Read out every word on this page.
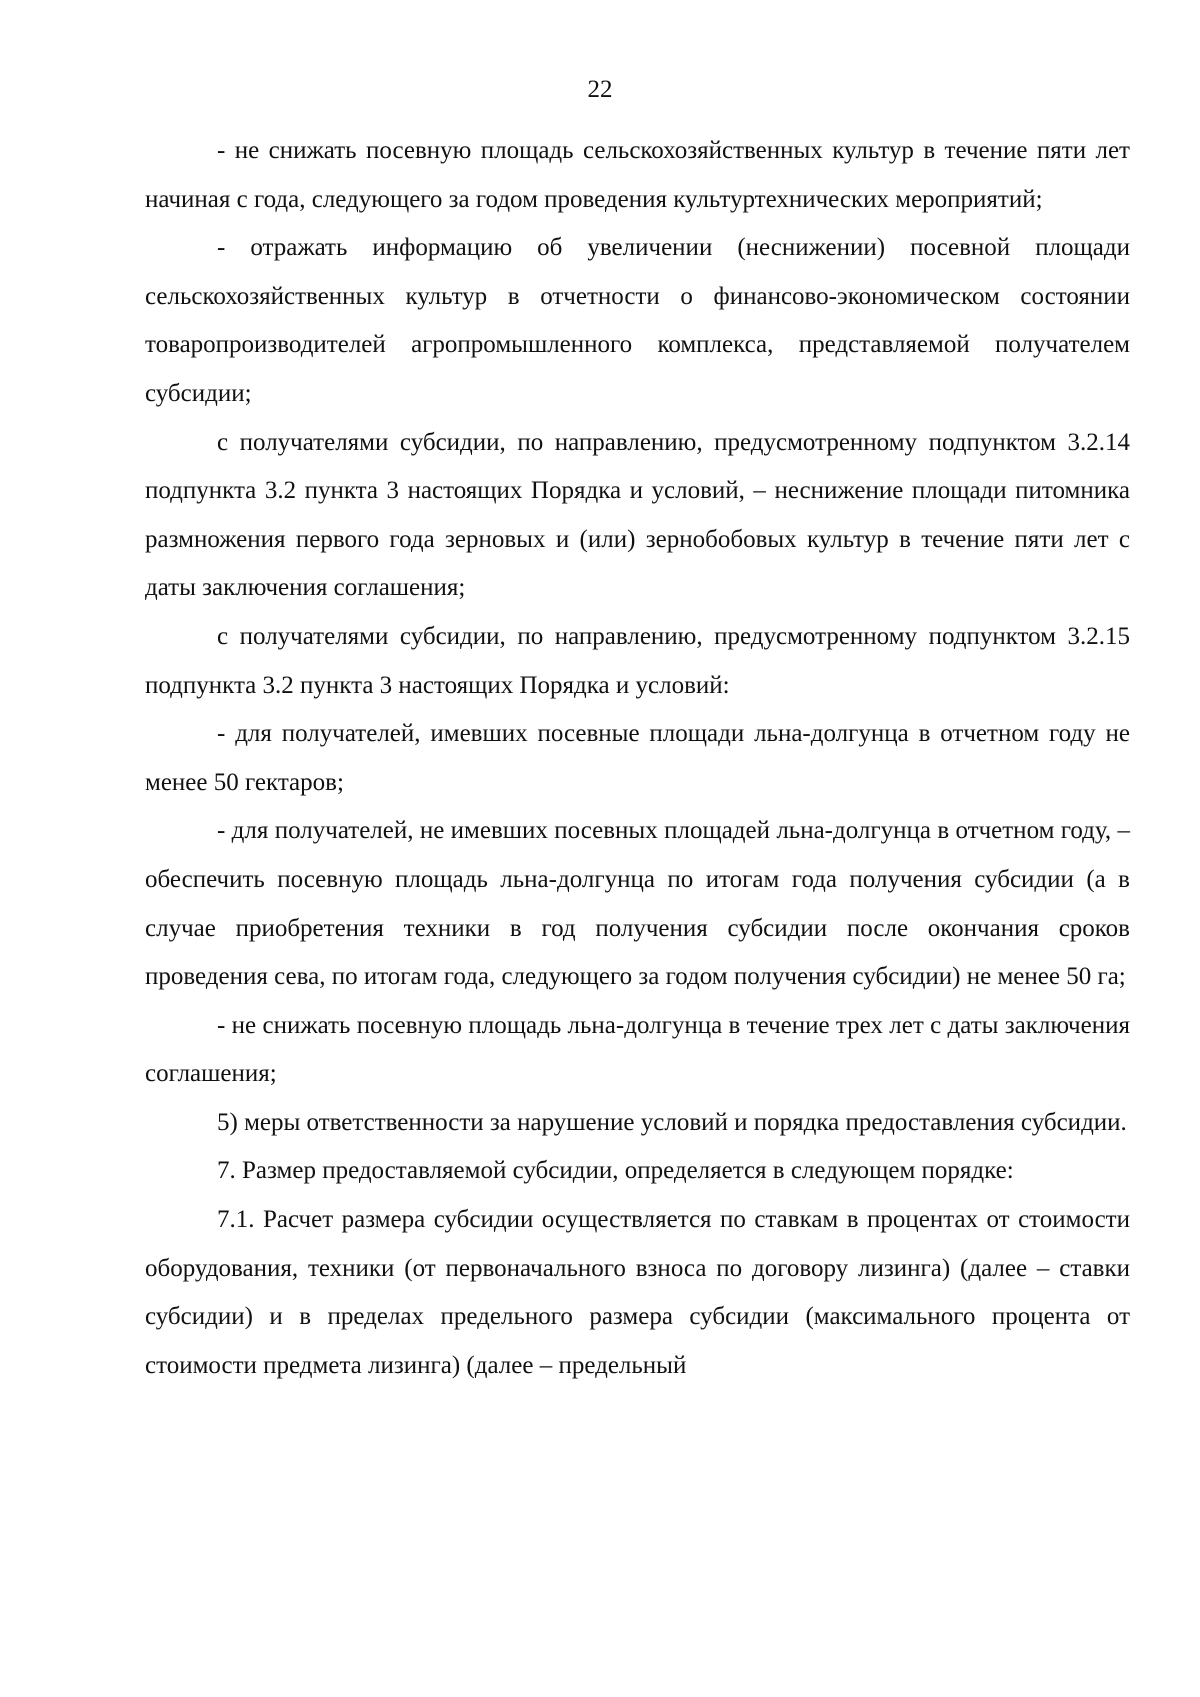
22

- не снижать посевную площадь сельскохозяйственных культур в течение пяти лет начиная с года, следующего за годом проведения культуртехнических мероприятий;

- отражать информацию об увеличении (неснижении) посевной площади сельскохозяйственных культур в отчетности о финансово-экономическом состоянии товаропроизводителей агропромышленного комплекса, представляемой получателем субсидии;

с получателями субсидии, по направлению, предусмотренному подпунктом 3.2.14 подпункта 3.2 пункта 3 настоящих Порядка и условий, – неснижение площади питомника размножения первого года зерновых и (или) зернобобовых культур в течение пяти лет с даты заключения соглашения;

с получателями субсидии, по направлению, предусмотренному подпунктом 3.2.15 подпункта 3.2 пункта 3 настоящих Порядка и условий:

- для получателей, имевших посевные площади льна-долгунца в отчетном году не менее 50 гектаров;

- для получателей, не имевших посевных площадей льна-долгунца в отчетном году, – обеспечить посевную площадь льна-долгунца по итогам года получения субсидии (а в случае приобретения техники в год получения субсидии после окончания сроков проведения сева, по итогам года, следующего за годом получения субсидии) не менее 50 га;

- не снижать посевную площадь льна-долгунца в течение трех лет с даты заключения соглашения;

5) меры ответственности за нарушение условий и порядка предоставления субсидии.

7. Размер предоставляемой субсидии, определяется в следующем порядке:

7.1. Расчет размера субсидии осуществляется по ставкам в процентах от стоимости оборудования, техники (от первоначального взноса по договору лизинга) (далее – ставки субсидии) и в пределах предельного размера субсидии (максимального процента от стоимости предмета лизинга) (далее – предельный
